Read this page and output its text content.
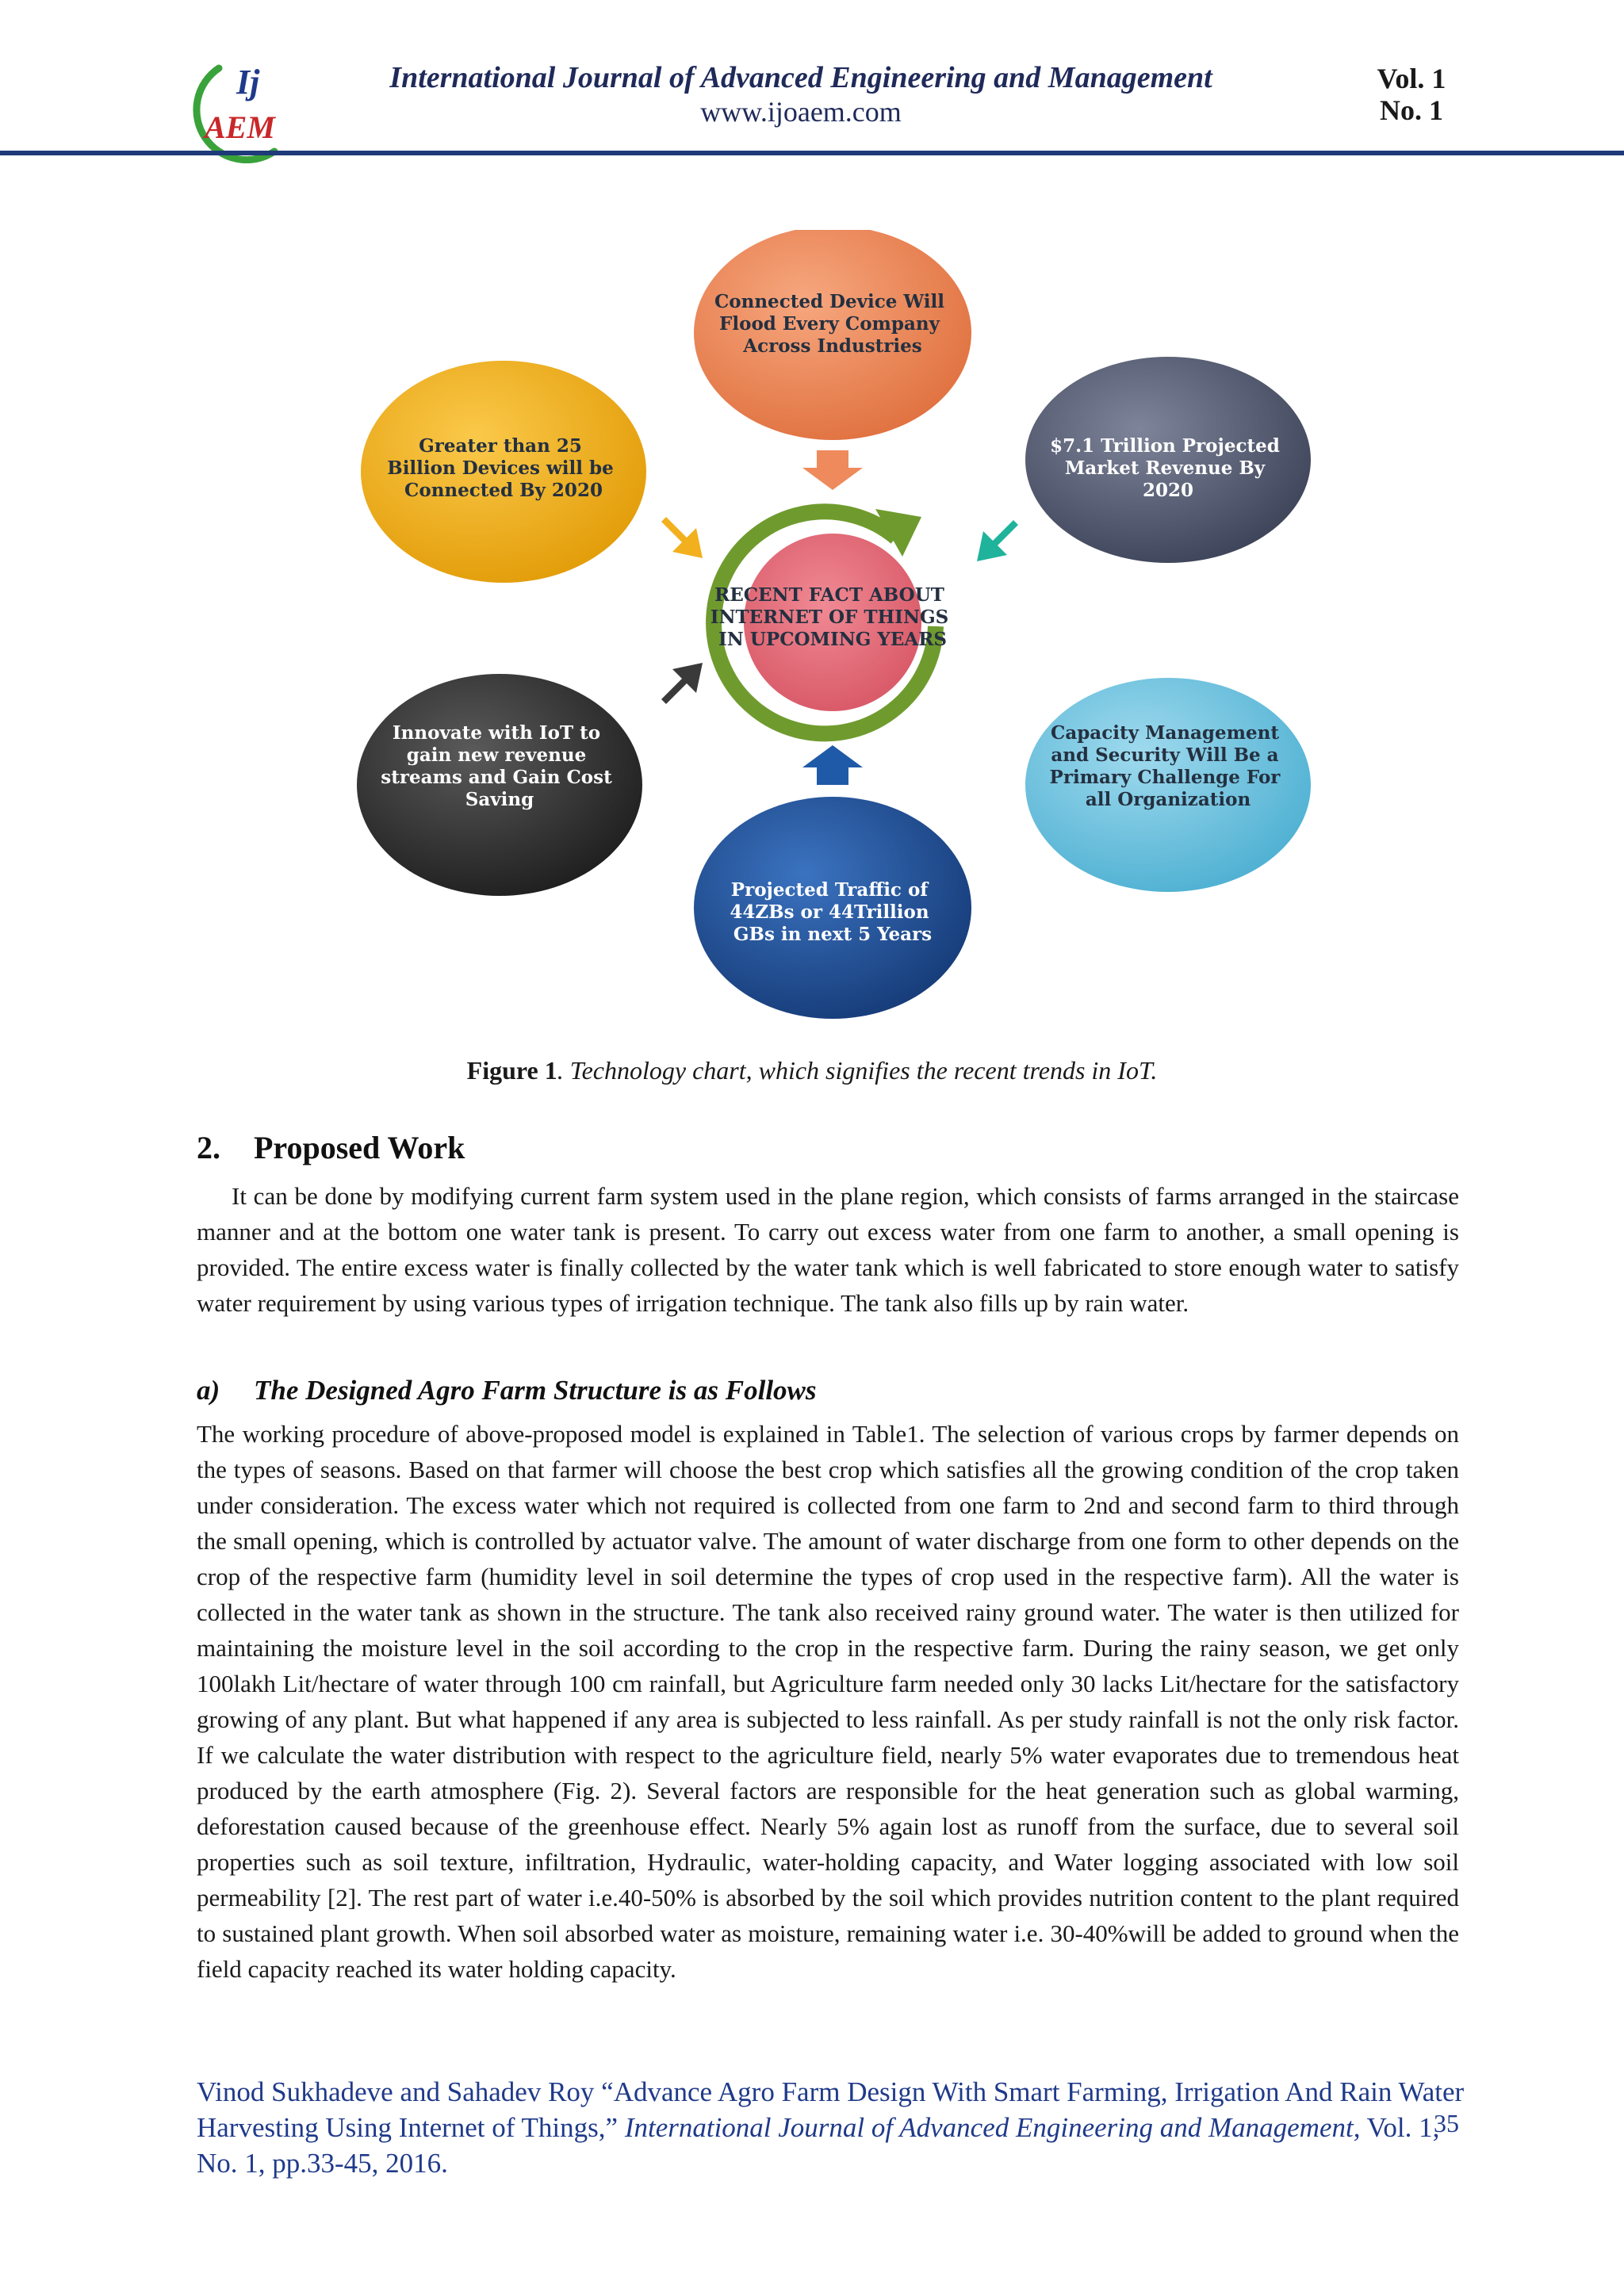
Ij
AEM
International Journal of Advanced Engineering and Management
www.ijoaem.com
Vol. 1
No. 1
Connected Device Will Flood Every Company Across Industries
$7.1 Trillion Projected Market Revenue By 2020
Capacity Management and Security Will Be a Primary Challenge For all Organization
Projected Traffic of 44ZBs or 44Trillion GBs in next 5 Years
Innovate with IoT to gain new revenue streams and Gain Cost Saving
Greater than 25 Billion Devices will be Connected By 2020
RECENT FACT ABOUT INTERNET OF THINGS IN UPCOMING YEARS
Figure 1. Technology chart, which signifies the recent trends in IoT.
2. Proposed Work
It can be done by modifying current farm system used in the plane region, which consists of farms arranged in the staircase manner and at the bottom one water tank is present. To carry out excess water from one farm to another, a small opening is provided. The entire excess water is finally collected by the water tank which is well fabricated to store enough water to satisfy water requirement by using various types of irrigation technique. The tank also fills up by rain water.
a) The Designed Agro Farm Structure is as Follows
The working procedure of above-proposed model is explained in Table1. The selection of various crops by farmer depends on the types of seasons. Based on that farmer will choose the best crop which satisfies all the growing condition of the crop taken under consideration. The excess water which not required is collected from one farm to 2nd and second farm to third through the small opening, which is controlled by actuator valve. The amount of water discharge from one form to other depends on the crop of the respective farm (humidity level in soil determine the types of crop used in the respective farm). All the water is collected in the water tank as shown in the structure. The tank also received rainy ground water. The water is then utilized for maintaining the moisture level in the soil according to the crop in the respective farm. During the rainy season, we get only 100lakh Lit/hectare of water through 100 cm rainfall, but Agriculture farm needed only 30 lacks Lit/hectare for the satisfactory growing of any plant. But what happened if any area is subjected to less rainfall. As per study rainfall is not the only risk factor. If we calculate the water distribution with respect to the agriculture field, nearly 5% water evaporates due to tremendous heat produced by the earth atmosphere (Fig. 2). Several factors are responsible for the heat generation such as global warming, deforestation caused because of the greenhouse effect. Nearly 5% again lost as runoff from the surface, due to several soil properties such as soil texture, infiltration, Hydraulic, water-holding capacity, and Water logging associated with low soil permeability [2]. The rest part of water i.e.40-50% is absorbed by the soil which provides nutrition content to the plant required to sustained plant growth. When soil absorbed water as moisture, remaining water i.e. 30-40%will be added to ground when the field capacity reached its water holding capacity.
Vinod Sukhadeve and Sahadev Roy “Advance Agro Farm Design With Smart Farming, Irrigation And Rain Water Harvesting Using Internet of Things,” International Journal of Advanced Engineering and Management, Vol. 1, No. 1, pp.33-45, 2016.
35
